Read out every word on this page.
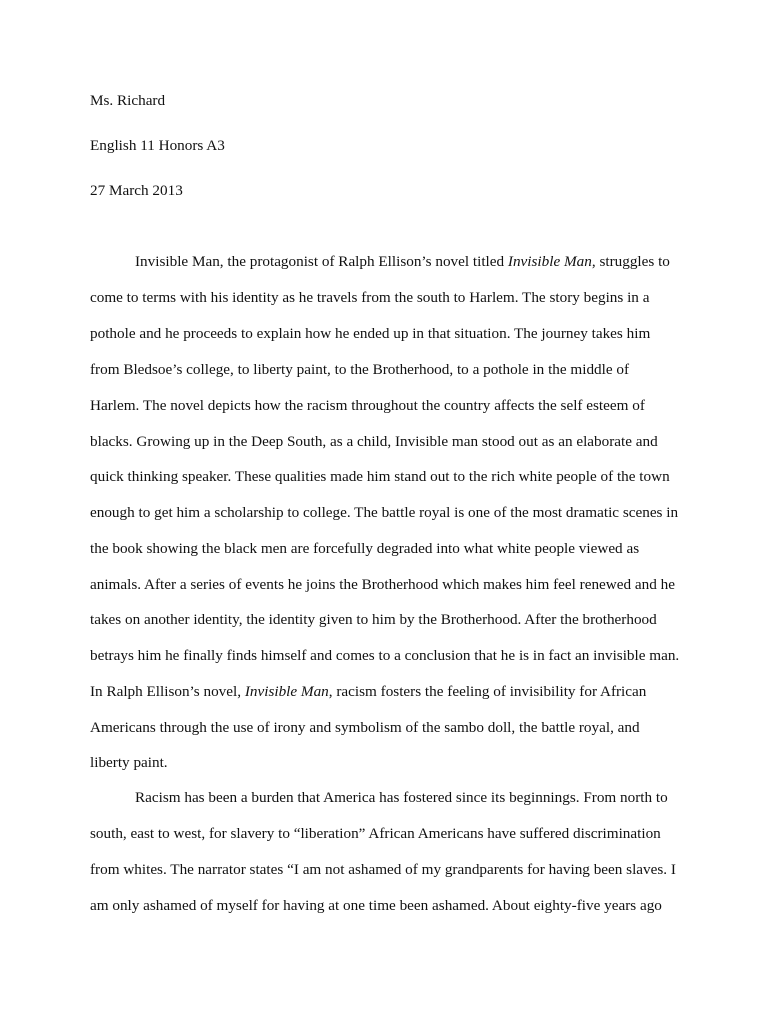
Ms. Richard
English 11 Honors A3
27 March 2013
Invisible Man, the protagonist of Ralph Ellison’s novel titled Invisible Man, struggles to
come to terms with his identity as he travels from the south to Harlem. The story begins in a
pothole and he proceeds to explain how he ended up in that situation. The journey takes him
from Bledsoe’s college, to liberty paint, to the Brotherhood, to a pothole in the middle of
Harlem. The novel depicts how the racism throughout the country affects the self esteem of
blacks. Growing up in the Deep South, as a child, Invisible man stood out as an elaborate and
quick thinking speaker. These qualities made him stand out to the rich white people of the town
enough to get him a scholarship to college. The battle royal is one of the most dramatic scenes in
the book showing the black men are forcefully degraded into what white people viewed as
animals. After a series of events he joins the Brotherhood which makes him feel renewed and he
takes on another identity, the identity given to him by the Brotherhood. After the brotherhood
betrays him he finally finds himself and comes to a conclusion that he is in fact an invisible man.
In Ralph Ellison’s novel, Invisible Man, racism fosters the feeling of invisibility for African
Americans through the use of irony and symbolism of the sambo doll, the battle royal, and
liberty paint.
Racism has been a burden that America has fostered since its beginnings. From north to
south, east to west, for slavery to “liberation” African Americans have suffered discrimination
from whites. The narrator states “I am not ashamed of my grandparents for having been slaves. I
am only ashamed of myself for having at one time been ashamed. About eighty-five years ago
